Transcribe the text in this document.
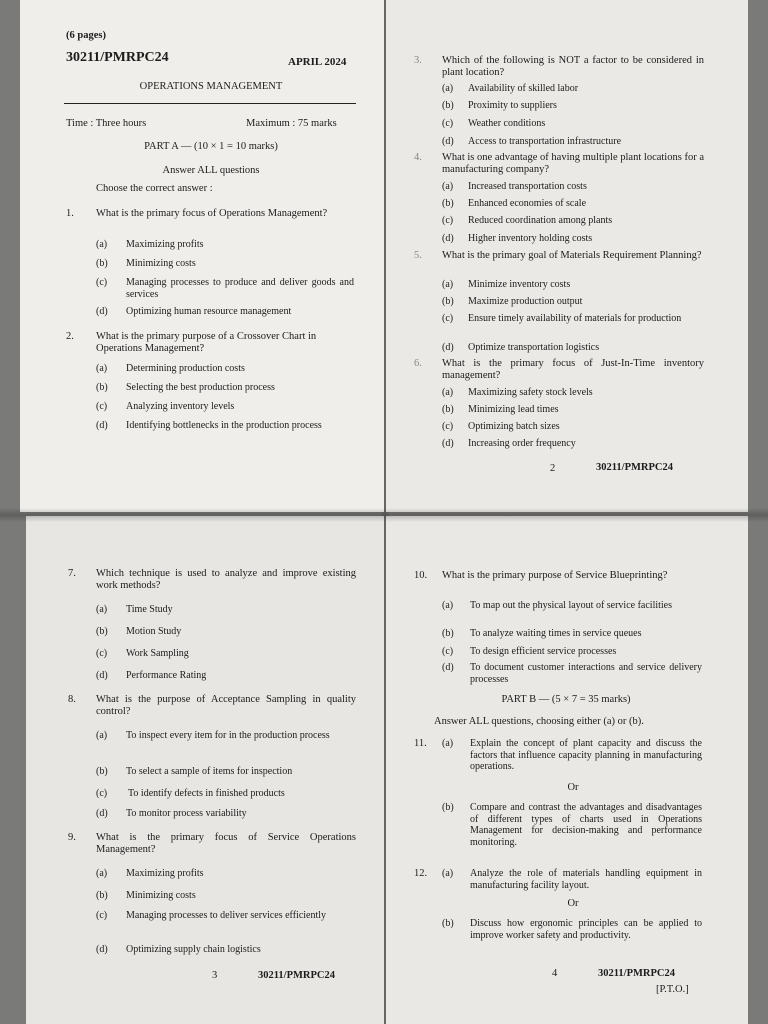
(6 pages)
30211/PMRPC24	APRIL 2024
OPERATIONS MANAGEMENT
Time : Three hours	Maximum : 75 marks
PART A — (10 × 1 = 10 marks)
Answer ALL questions
Choose the correct answer :
1.	What is the primary focus of Operations Management?
(a)	Maximizing profits
(b)	Minimizing costs
(c)	Managing processes to produce and deliver goods and services
(d)	Optimizing human resource management
2.	What is the primary purpose of a Crossover Chart in Operations Management?
(a)	Determining production costs
(b)	Selecting the best production process
(c)	Analyzing inventory levels
(d)	Identifying bottlenecks in the production process
3.	Which of the following is NOT a factor to be considered in plant location?
(a)	Availability of skilled labor
(b)	Proximity to suppliers
(c)	Weather conditions
(d)	Access to transportation infrastructure
4.	What is one advantage of having multiple plant locations for a manufacturing company?
(a)	Increased transportation costs
(b)	Enhanced economies of scale
(c)	Reduced coordination among plants
(d)	Higher inventory holding costs
5.	What is the primary goal of Materials Requirement Planning?
(a)	Minimize inventory costs
(b)	Maximize production output
(c)	Ensure timely availability of materials for production
(d)	Optimize transportation logistics
6.	What is the primary focus of Just-In-Time inventory management?
(a)	Maximizing safety stock levels
(b)	Minimizing lead times
(c)	Optimizing batch sizes
(d)	Increasing order frequency
2	30211/PMRPC24
7.	Which technique is used to analyze and improve existing work methods?
(a)	Time Study
(b)	Motion Study
(c)	Work Sampling
(d)	Performance Rating
8.	What is the purpose of Acceptance Sampling in quality control?
(a)	To inspect every item for in the production process
(b)	To select a sample of items for inspection
(c)	To identify defects in finished products
(d)	To monitor process variability
9.	What is the primary focus of Service Operations Management?
(a)	Maximizing profits
(b)	Minimizing costs
(c)	Managing processes to deliver services efficiently
(d)	Optimizing supply chain logistics
3	30211/PMRPC24
10.	What is the primary purpose of Service Blueprinting?
(a)	To map out the physical layout of service facilities
(b)	To analyze waiting times in service queues
(c)	To design efficient service processes
(d)	To document customer interactions and service delivery processes
PART B — (5 × 7 = 35 marks)
Answer ALL questions, choosing either (a) or (b).
11.	(a)	Explain the concept of plant capacity and discuss the factors that influence capacity planning in manufacturing operations.
Or
(b)	Compare and contrast the advantages and disadvantages of different types of charts used in Operations Management for decision-making and performance monitoring.
12.	(a)	Analyze the role of materials handling equipment in manufacturing facility layout.
Or
(b)	Discuss how ergonomic principles can be applied to improve worker safety and productivity.
4	30211/PMRPC24
[P.T.O.]
